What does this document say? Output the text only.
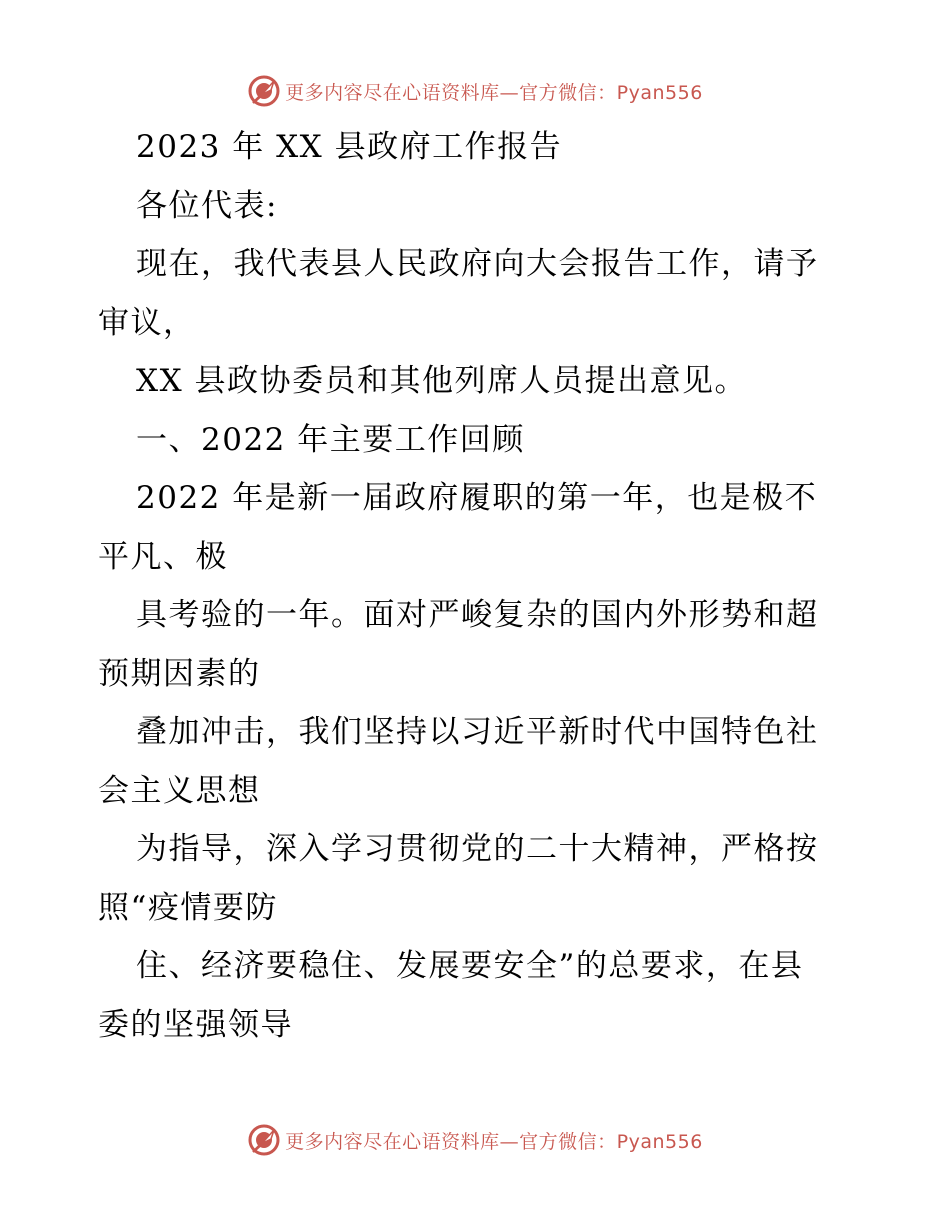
更多内容尽在心语资料库—官方微信：Pyan556
2023 年 XX 县政府工作报告
各位代表:
现在，我代表县人民政府向大会报告工作，请予
审议，
XX 县政协委员和其他列席人员提出意见。
一、2022 年主要工作回顾
2022 年是新一届政府履职的第一年，也是极不
平凡、极
具考验的一年。面对严峻复杂的国内外形势和超
预期因素的
叠加冲击，我们坚持以习近平新时代中国特色社
会主义思想
为指导，深入学习贯彻党的二十大精神，严格按
照“疫情要防
住、经济要稳住、发展要安全”的总要求，在县
委的坚强领导
更多内容尽在心语资料库—官方微信：Pyan556
